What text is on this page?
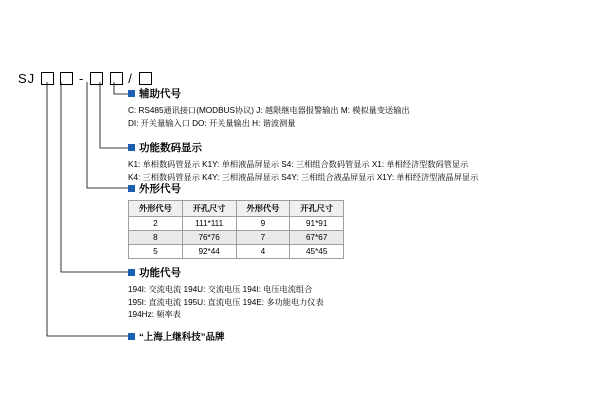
SJ	-	/
辅助代号
C: RS485通讯接口(MODBUS协议) J: 越限继电器报警输出 M: 模拟量变送输出
DI: 开关量输入口 DO: 开关量输出 H: 谐波测量
功能数码显示
K1: 单相数码管显示 K1Y: 单相液晶屏显示 S4: 三相组合数码管显示 X1: 单相经济型数码管显示
K4: 三相数码管显示 K4Y: 三相液晶屏显示 S4Y: 三相组合液晶屏显示 X1Y: 单相经济型液晶屏显示
外形代号
外形代号	开孔尺寸	外形代号	开孔尺寸
2	111*111	9	91*91
8	76*76	7	67*67
5	92*44	4	45*45
功能代号
194I: 交流电流 194U: 交流电压 194I: 电压电流组合
195I: 直流电流 195U: 直流电压 194E: 多功能电力仪表
194Hz: 频率表
“上海上继科技”品牌
